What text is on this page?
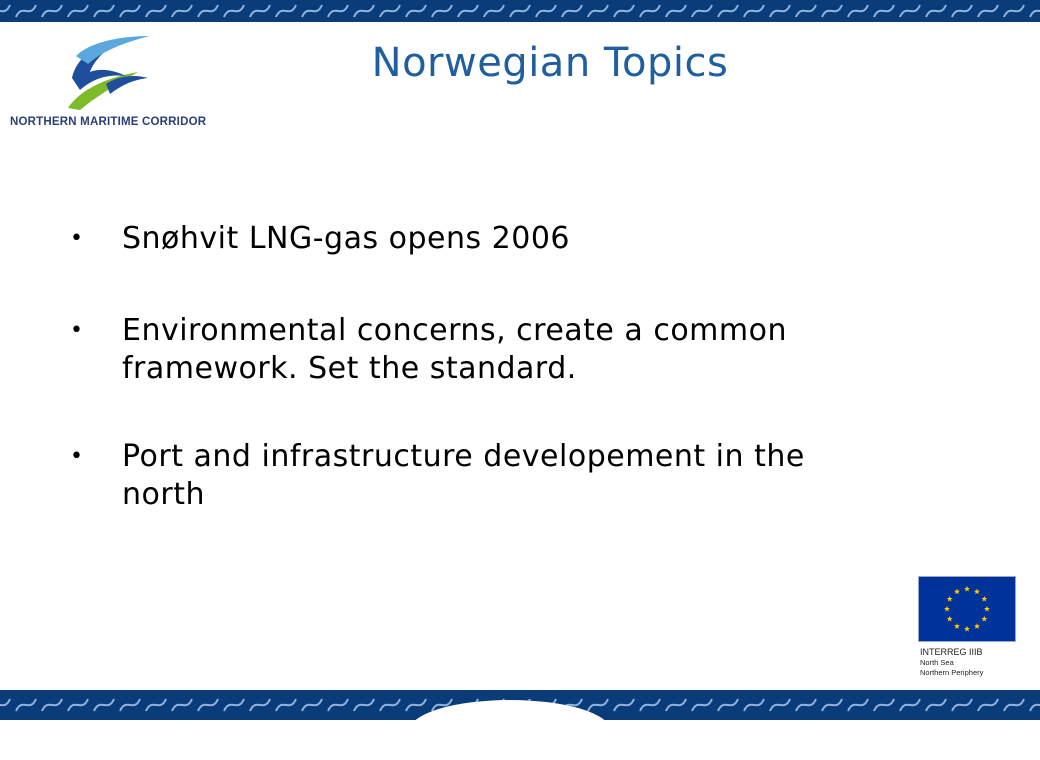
NORTHERN MARITIME CORRIDOR
Norwegian Topics
• Snøhvit LNG-gas opens 2006
• Environmental concerns, create a common
framework. Set the standard.
• Port and infrastructure developement in the
north
INTERREG IIIB
North Sea
Northern Periphery
